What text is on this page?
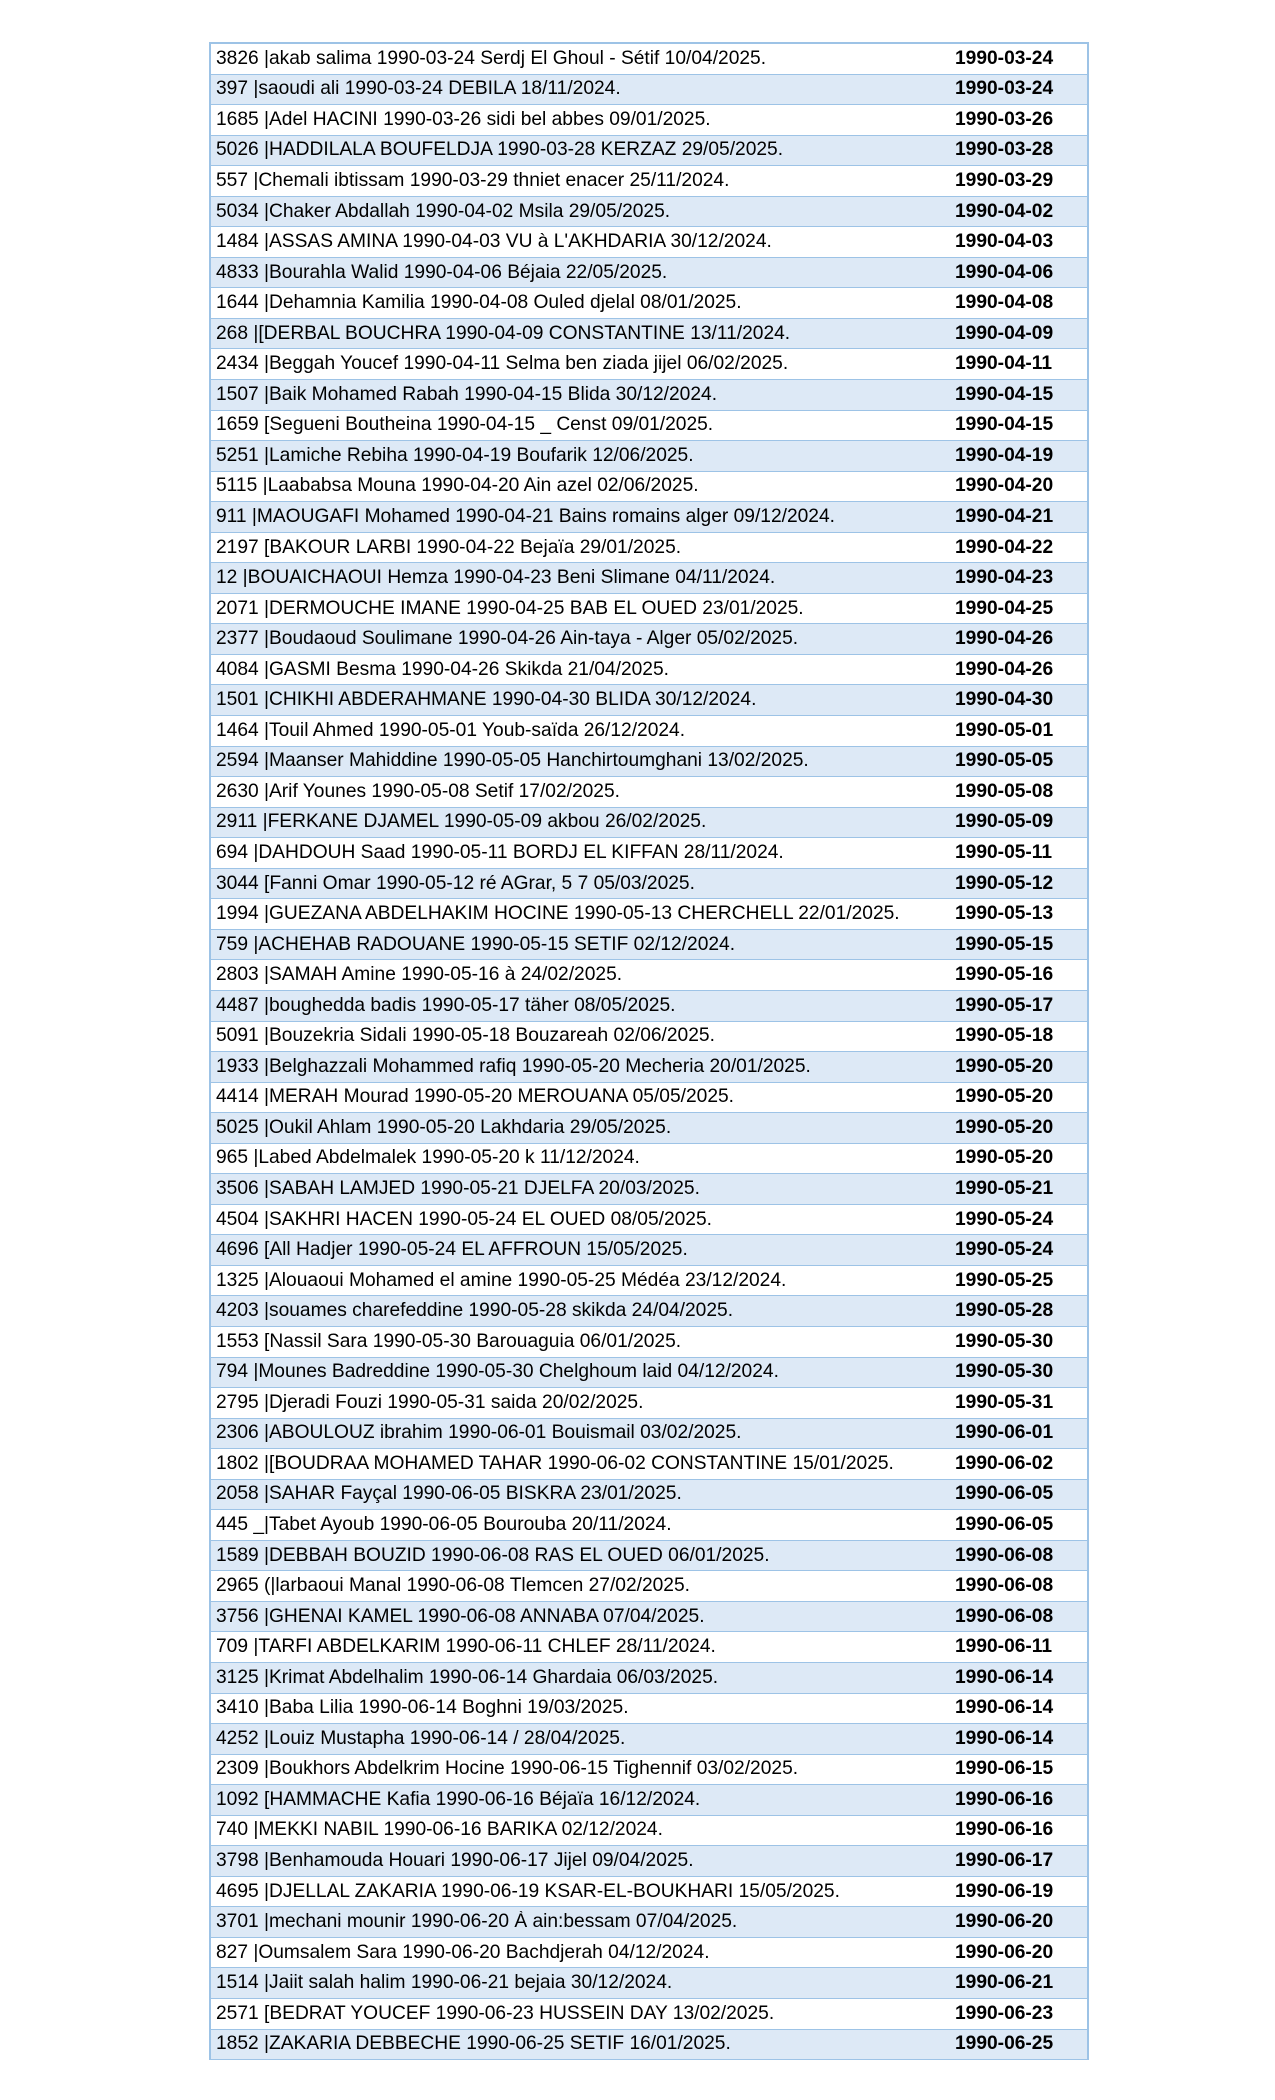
3826 |akab salima 1990-03-24 Serdj El Ghoul - Sétif 10/04/2025.	1990-03-24
397 |saoudi ali 1990-03-24 DEBILA 18/11/2024.	1990-03-24
1685 |Adel HACINI 1990-03-26 sidi bel abbes 09/01/2025.	1990-03-26
5026 |HADDILALA BOUFELDJA 1990-03-28 KERZAZ 29/05/2025.	1990-03-28
557 |Chemali ibtissam 1990-03-29 thniet enacer 25/11/2024.	1990-03-29
5034 |Chaker Abdallah 1990-04-02 Msila 29/05/2025.	1990-04-02
1484 |ASSAS AMINA 1990-04-03 VU à L'AKHDARIA 30/12/2024.	1990-04-03
4833 |Bourahla Walid 1990-04-06 Béjaia 22/05/2025.	1990-04-06
1644 |Dehamnia Kamilia 1990-04-08 Ouled djelal 08/01/2025.	1990-04-08
268 |[DERBAL BOUCHRA 1990-04-09 CONSTANTINE 13/11/2024.	1990-04-09
2434 |Beggah Youcef 1990-04-11 Selma ben ziada jijel 06/02/2025.	1990-04-11
1507 |Baik Mohamed Rabah 1990-04-15 Blida 30/12/2024.	1990-04-15
1659 [Segueni Boutheina 1990-04-15 _ Censt 09/01/2025.	1990-04-15
5251 |Lamiche Rebiha 1990-04-19 Boufarik 12/06/2025.	1990-04-19
5115 |Laababsa Mouna 1990-04-20 Ain azel 02/06/2025.	1990-04-20
911 |MAOUGAFI Mohamed 1990-04-21 Bains romains alger 09/12/2024.	1990-04-21
2197 [BAKOUR LARBI 1990-04-22 Bejaïa 29/01/2025.	1990-04-22
12 |BOUAICHAOUI Hemza 1990-04-23 Beni Slimane 04/11/2024.	1990-04-23
2071 |DERMOUCHE IMANE 1990-04-25 BAB EL OUED 23/01/2025.	1990-04-25
2377 |Boudaoud Soulimane 1990-04-26 Ain-taya - Alger 05/02/2025.	1990-04-26
4084 |GASMI Besma 1990-04-26 Skikda 21/04/2025.	1990-04-26
1501 |CHIKHI ABDERAHMANE 1990-04-30 BLIDA 30/12/2024.	1990-04-30
1464 |Touil Ahmed 1990-05-01 Youb-saïda 26/12/2024.	1990-05-01
2594 |Maanser Mahiddine 1990-05-05 Hanchirtoumghani 13/02/2025.	1990-05-05
2630 |Arif Younes 1990-05-08 Setif 17/02/2025.	1990-05-08
2911 |FERKANE DJAMEL 1990-05-09 akbou 26/02/2025.	1990-05-09
694 |DAHDOUH Saad 1990-05-11 BORDJ EL KIFFAN 28/11/2024.	1990-05-11
3044 [Fanni Omar 1990-05-12 ré AGrar, 5 7 05/03/2025.	1990-05-12
1994 |GUEZANA ABDELHAKIM HOCINE 1990-05-13 CHERCHELL 22/01/2025.	1990-05-13
759 |ACHEHAB RADOUANE 1990-05-15 SETIF 02/12/2024.	1990-05-15
2803 |SAMAH Amine 1990-05-16 à 24/02/2025.	1990-05-16
4487 |boughedda badis 1990-05-17 täher 08/05/2025.	1990-05-17
5091 |Bouzekria Sidali 1990-05-18 Bouzareah 02/06/2025.	1990-05-18
1933 |Belghazzali Mohammed rafiq 1990-05-20 Mecheria 20/01/2025.	1990-05-20
4414 |MERAH Mourad 1990-05-20 MEROUANA 05/05/2025.	1990-05-20
5025 |Oukil Ahlam 1990-05-20 Lakhdaria 29/05/2025.	1990-05-20
965 |Labed Abdelmalek 1990-05-20 k 11/12/2024.	1990-05-20
3506 |SABAH LAMJED 1990-05-21 DJELFA 20/03/2025.	1990-05-21
4504 |SAKHRI HACEN 1990-05-24 EL OUED 08/05/2025.	1990-05-24
4696 [All Hadjer 1990-05-24 EL AFFROUN 15/05/2025.	1990-05-24
1325 |Alouaoui Mohamed el amine 1990-05-25 Médéa 23/12/2024.	1990-05-25
4203 |souames charefeddine 1990-05-28 skikda 24/04/2025.	1990-05-28
1553 [Nassil Sara 1990-05-30 Barouaguia 06/01/2025.	1990-05-30
794 |Mounes Badreddine 1990-05-30 Chelghoum laid 04/12/2024.	1990-05-30
2795 |Djeradi Fouzi 1990-05-31 saida 20/02/2025.	1990-05-31
2306 |ABOULOUZ ibrahim 1990-06-01 Bouismail 03/02/2025.	1990-06-01
1802 |[BOUDRAA MOHAMED TAHAR 1990-06-02 CONSTANTINE 15/01/2025.	1990-06-02
2058 |SAHAR Fayçal 1990-06-05 BISKRA 23/01/2025.	1990-06-05
445 _|Tabet Ayoub 1990-06-05 Bourouba 20/11/2024.	1990-06-05
1589 |DEBBAH BOUZID 1990-06-08 RAS EL OUED 06/01/2025.	1990-06-08
2965 (|larbaoui Manal 1990-06-08 Tlemcen 27/02/2025.	1990-06-08
3756 |GHENAI KAMEL 1990-06-08 ANNABA 07/04/2025.	1990-06-08
709 |TARFI ABDELKARIM 1990-06-11 CHLEF 28/11/2024.	1990-06-11
3125 |Krimat Abdelhalim 1990-06-14 Ghardaia 06/03/2025.	1990-06-14
3410 |Baba Lilia 1990-06-14 Boghni 19/03/2025.	1990-06-14
4252 |Louiz Mustapha 1990-06-14 / 28/04/2025.	1990-06-14
2309 |Boukhors Abdelkrim Hocine 1990-06-15 Tighennif 03/02/2025.	1990-06-15
1092 [HAMMACHE Kafia 1990-06-16 Béjaïa 16/12/2024.	1990-06-16
740 |MEKKI NABIL 1990-06-16 BARIKA 02/12/2024.	1990-06-16
3798 |Benhamouda Houari 1990-06-17 Jijel 09/04/2025.	1990-06-17
4695 |DJELLAL ZAKARIA 1990-06-19 KSAR-EL-BOUKHARI 15/05/2025.	1990-06-19
3701 |mechani mounir 1990-06-20 À ain:bessam 07/04/2025.	1990-06-20
827 |Oumsalem Sara 1990-06-20 Bachdjerah 04/12/2024.	1990-06-20
1514 |Jaiit salah halim 1990-06-21 bejaia 30/12/2024.	1990-06-21
2571 [BEDRAT YOUCEF 1990-06-23 HUSSEIN DAY 13/02/2025.	1990-06-23
1852 |ZAKARIA DEBBECHE 1990-06-25 SETIF 16/01/2025.	1990-06-25
